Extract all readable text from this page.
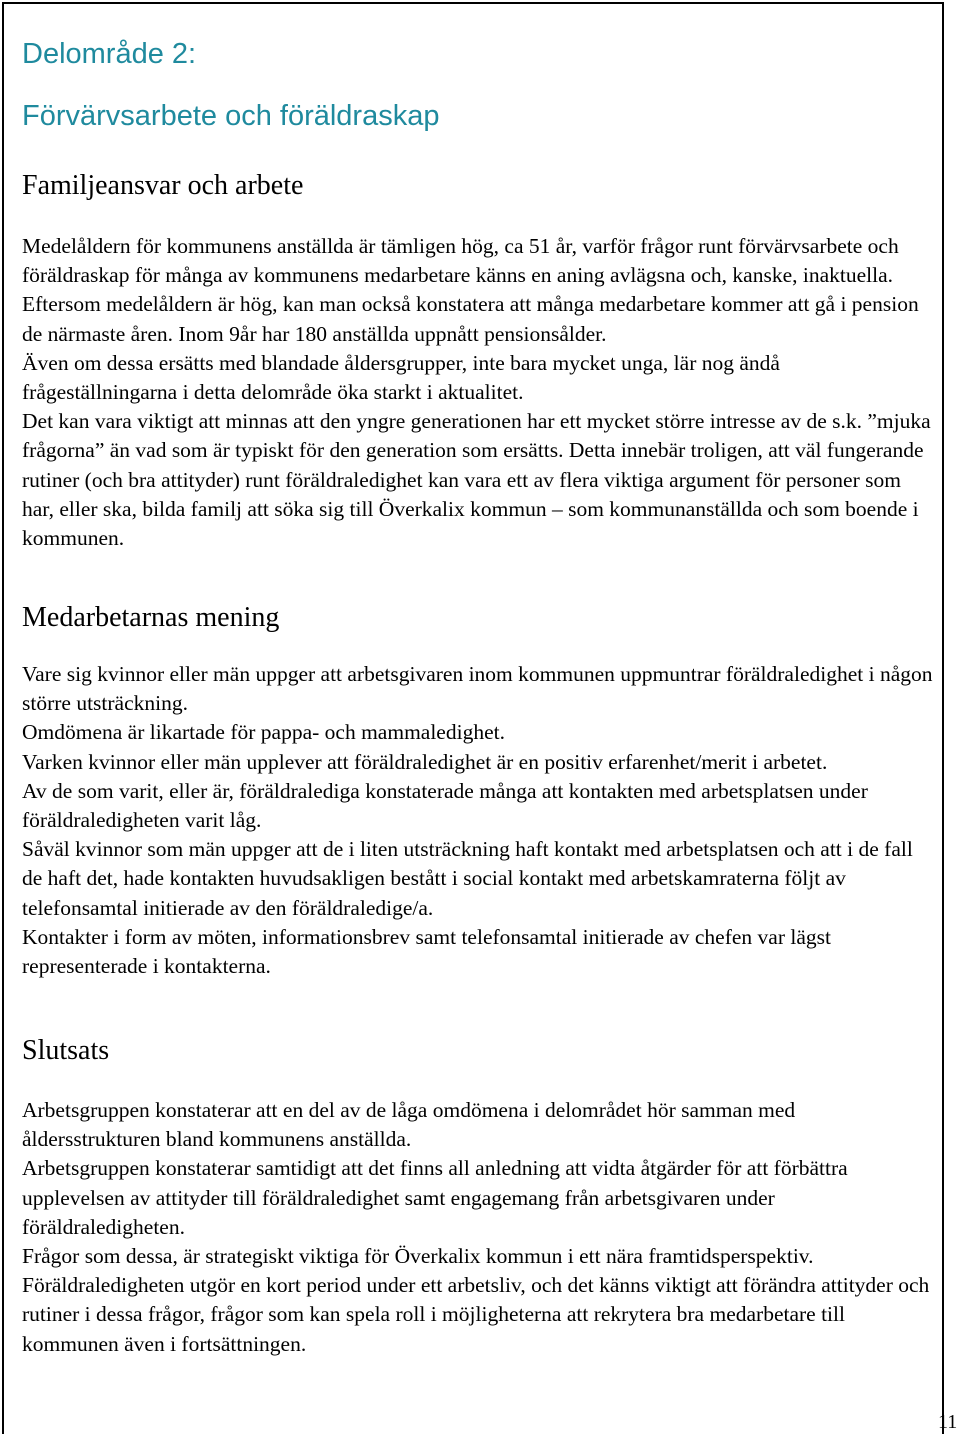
Delområde 2:
Förvärvsarbete och föräldraskap
Familjeansvar och arbete

Medelåldern för kommunens anställda är tämligen hög, ca 51 år, varför frågor runt förvärvsarbete och föräldraskap för många av kommunens medarbetare känns en aning avlägsna och, kanske, inaktuella.

Eftersom medelåldern är hög, kan man också konstatera att många medarbetare kommer att gå i pension de närmaste åren. Inom 9år har 180 anställda uppnått pensionsålder.

Även om dessa ersätts med blandade åldersgrupper, inte bara mycket unga, lär nog ändå frågeställningarna i detta delområde öka starkt i aktualitet.

Det kan vara viktigt att minnas att den yngre generationen har ett mycket större intresse av de s.k. ”mjuka frågorna” än vad som är typiskt för den generation som ersätts. Detta innebär troligen, att väl fungerande rutiner (och bra attityder) runt föräldraledighet kan vara ett av flera viktiga argument för personer som har, eller ska, bilda familj att söka sig till Överkalix kommun – som kommunanställda och som boende i kommunen.

Medarbetarnas mening

Vare sig kvinnor eller män uppger att arbetsgivaren inom kommunen uppmuntrar föräldraledighet i någon större utsträckning.

Omdömena är likartade för pappa- och mammaledighet.

Varken kvinnor eller män upplever att föräldraledighet är en positiv erfarenhet/merit i arbetet.

Av de som varit, eller är, föräldralediga konstaterade många att kontakten med arbetsplatsen under föräldraledigheten varit låg.

Såväl kvinnor som män uppger att de i liten utsträckning haft kontakt med arbetsplatsen och att i de fall de haft det, hade kontakten huvudsakligen bestått i social kontakt med arbetskamraterna följt av telefonsamtal initierade av den föräldraledige/a.

Kontakter i form av möten, informationsbrev samt telefonsamtal initierade av chefen var lägst representerade i kontakterna.

Slutsats

Arbetsgruppen konstaterar att en del av de låga omdömena i delområdet hör samman med åldersstrukturen bland kommunens anställda.

Arbetsgruppen konstaterar samtidigt att det finns all anledning att vidta åtgärder för att förbättra upplevelsen av attityder till föräldraledighet samt engagemang från arbetsgivaren under föräldraledigheten.

Frågor som dessa, är strategiskt viktiga för Överkalix kommun i ett nära framtidsperspektiv.

Föräldraledigheten utgör en kort period under ett arbetsliv, och det känns viktigt att förändra attityder och rutiner i dessa frågor, frågor som kan spela roll i möjligheterna att rekrytera bra medarbetare till kommunen även i fortsättningen.

11
